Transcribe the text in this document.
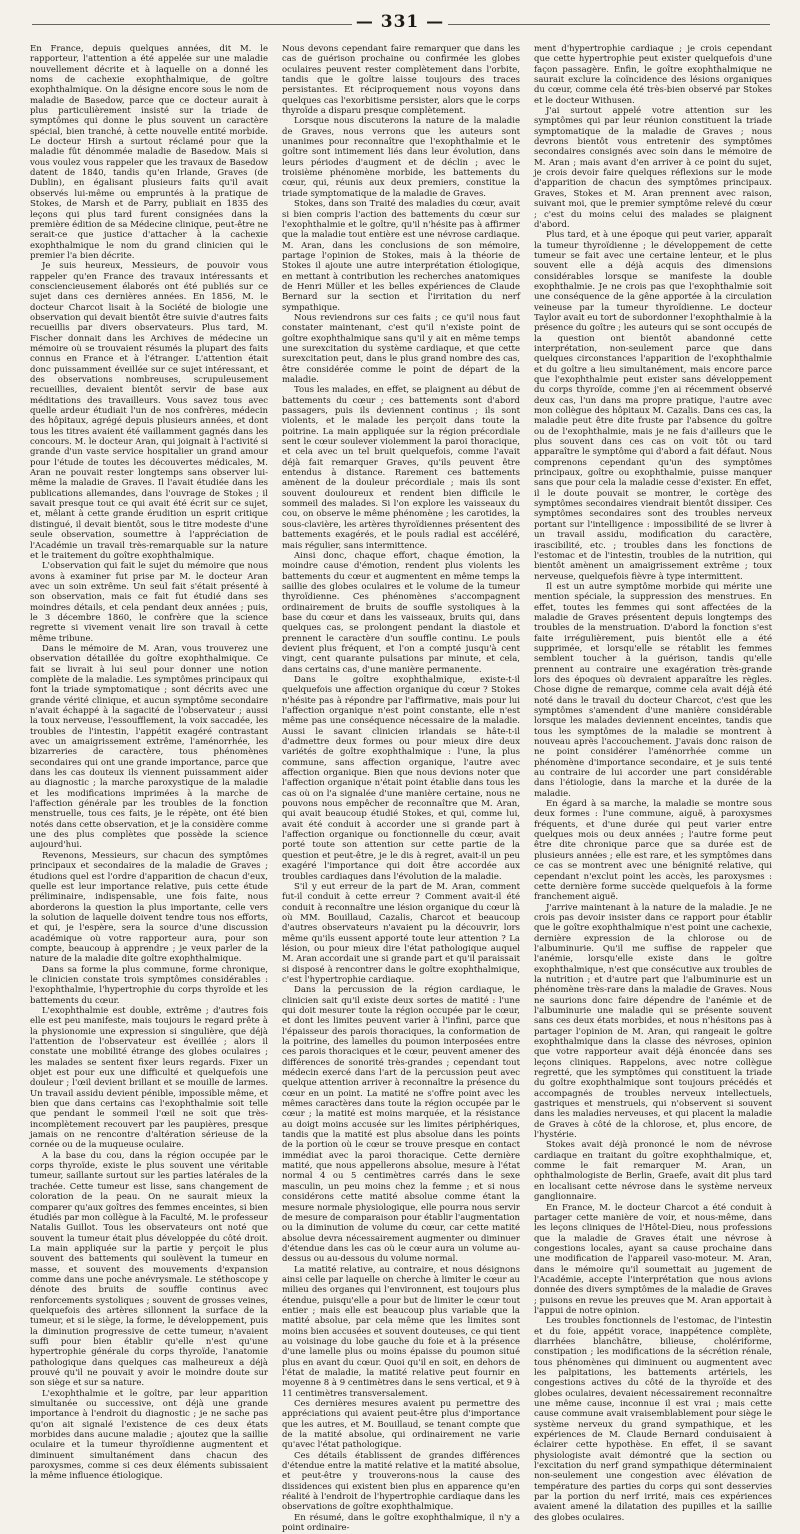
— 331 —

En France, depuis quelques années, dit M. le rapporteur, l'attention a été appelée sur une maladie nouvellement décrite et à laquelle on a donné les noms de cachexie exophthalmique, de goître exophthalmique. On la désigne encore sous le nom de maladie de Basedow, parce que ce docteur aurait à plus particulièrement insisté sur la triade de symptômes qui donne le plus souvent un caractère spécial, bien tranché, à cette nouvelle entité morbide. Le docteur Hirsh a surtout réclamé pour que la maladie fût dénommée maladie de Basedow. Mais si vous voulez vous rappeler que les travaux de Basedow datent de 1840, tandis qu'en Irlande, Graves (de Dublin), en égalisant plusieurs faits qu'il avait observés lui-même ou empruntés à la pratique de Stokes, de Marsh et de Parry, publiait en 1835 des leçons qui plus tard furent consignées dans la première édition de sa Médecine clinique, peut-être ne serait-ce que justice d'attacher à la cachexie exophthalmique le nom du grand clinicien qui le premier l'a bien décrite.

Je suis heureux, Messieurs, de pouvoir vous rappeler qu'en France des travaux intéressants et consciencieusement élaborés ont été publiés sur ce sujet dans ces dernières années. En 1856, M. le docteur Charcot lisait à la Société de biologie une observation qui devait bientôt être suivie d'autres faits recueillis par divers observateurs. Plus tard, M. Fischer donnait dans les Archives de médecine un mémoire où se trouvaient résumés la plupart des faits connus en France et à l'étranger. L'attention était donc puissamment éveillée sur ce sujet intéressant, et des observations nombreuses, scrupuleusement recueillies, devaient bientôt servir de base aux méditations des travailleurs. Vous savez tous avec quelle ardeur étudiait l'un de nos confrères, médecin des hôpitaux, agrégé depuis plusieurs années, et dont tous les titres avaient été vaillamment gagnés dans les concours. M. le docteur Aran, qui joignait à l'activité si grande d'un vaste service hospitalier un grand amour pour l'étude de toutes les découvertes médicales, M. Aran ne pouvait rester longtemps sans observer lui-même la maladie de Graves. Il l'avait étudiée dans les publications allemandes, dans l'ouvrage de Stokes ; il savait presque tout ce qui avait été écrit sur ce sujet, et, mêlant à cette grande érudition un esprit critique distingué, il devait bientôt, sous le titre modeste d'une seule observation, soumettre à l'appréciation de l'Académie un travail très-remarquable sur la nature et le traitement du goître exophthalmique.

L'observation qui fait le sujet du mémoire que nous avons à examiner fut prise par M. le docteur Aran avec un soin extrême. Un seul fait s'était présenté à son observation, mais ce fait fut étudié dans ses moindres détails, et cela pendant deux années ; puis, le 3 décembre 1860, le confrère que la science regrette si vivement venait lire son travail à cette même tribune.

Dans le mémoire de M. Aran, vous trouverez une observation détaillée du goître exophthalmique. Ce fait se livrait à lui seul pour donner une notion complète de la maladie. Les symptômes principaux qui font la triade symptomatique ; sont décrits avec une grande vérité clinique, et aucun symptôme secondaire n'avait échappé à la sagacité de l'observateur ; aussi la toux nerveuse, l'essoufflement, la voix saccadée, les troubles de l'intestin, l'appétit exagéré contrastant avec un amaigrissement extrême, l'aménorrhée, les bizarreries de caractère, tous phénomènes secondaires qui ont une grande importance, parce que dans les cas douteux ils viennent puissamment aider au diagnostic ; la marche paroxystique de la maladie et les modifications imprimées à la marche de l'affection générale par les troubles de la fonction menstruelle, tous ces faits, je le répète, ont été bien notés dans cette observation, et je la considère comme une des plus complètes que possède la science aujourd'hui.

Revenons, Messieurs, sur chacun des symptômes principaux et secondaires de la maladie de Graves ; étudions quel est l'ordre d'apparition de chacun d'eux, quelle est leur importance relative, puis cette étude préliminaire, indispensable, une fois faite, nous aborderons la question la plus importante, celle vers la solution de laquelle doivent tendre tous nos efforts, et qui, je l'espère, sera la source d'une discussion académique où votre rapporteur aura, pour son compte, beaucoup à apprendre ; je veux parler de la nature de la maladie dite goître exophthalmique.

Dans sa forme la plus commune, forme chronique, le clinicien constate trois symptômes considérables : l'exophthalmie, l'hypertrophie du corps thyroïde et les battements du cœur.

L'exophthalmie est double, extrême ; d'autres fois elle est peu manifeste, mais toujours le regard prête à la physionomie une expression si singulière, que déjà l'attention de l'observateur est éveillée ; alors il constate une mobilité étrange des globes oculaires ; les malades se sentent fixer leurs regards. Fixer un objet est pour eux une difficulté et quelquefois une douleur ; l'œil devient brillant et se mouille de larmes. Un travail assidu devient pénible, impossible même, et bien que dans certains cas l'exophthalmie soit telle que pendant le sommeil l'œil ne soit que très-incomplètement recouvert par les paupières, presque jamais on ne rencontre d'altération sérieuse de la cornée ou de la muqueuse oculaire.

A la base du cou, dans la région occupée par le corps thyroïde, existe le plus souvent une véritable tumeur, saillante surtout sur les parties latérales de la trachée. Cette tumeur est lisse, sans changement de coloration de la peau. On ne saurait mieux la comparer qu'aux goîtres des femmes enceintes, si bien étudiés par mon collègue à la Faculté, M. le professeur Natalis Guillot. Tous les observateurs ont noté que souvent la tumeur était plus développée du côté droit. La main appliquée sur la partie y perçoit le plus souvent des battements qui soulèvent la tumeur en masse, et souvent des mouvements d'expansion comme dans une poche anévrysmale. Le stéthoscope y dénote des bruits de souffle continus avec renforcements systoliques ; souvent de grosses veines, quelquefois des artères sillonnent la surface de la tumeur, et si le siège, la forme, le développement, puis la diminution progressive de cette tumeur, n'avaient suffi pour bien établir qu'elle n'est qu'une hypertrophie générale du corps thyroïde, l'anatomie pathologique dans quelques cas malheureux a déjà prouvé qu'il ne pouvait y avoir le moindre doute sur son siège et sur sa nature.

L'exophthalmie et le goître, par leur apparition simultanée ou successive, ont déjà une grande importance à l'endroit du diagnostic ; je ne sache pas qu'on ait signalé l'existence de ces deux états morbides dans aucune maladie ; ajoutez que la saillie oculaire et la tumeur thyroïdienne augmentent et diminuent simultanément dans chacun des paroxysmes, comme si ces deux éléments subissaient la même influence étiologique.

Nous devons cependant faire remarquer que dans les cas de guérison prochaine ou confirmée les globes oculaires peuvent rester complètement dans l'orbite, tandis que le goître laisse toujours des traces persistantes. Et réciproquement nous voyons dans quelques cas l'exorbitisme persister, alors que le corps thyroïde a disparu presque complètement.

Lorsque nous discuterons la nature de la maladie de Graves, nous verrons que les auteurs sont unanimes pour reconnaître que l'exophthalmie et le goître sont intimement liés dans leur évolution, dans leurs périodes d'augment et de déclin ; avec le troisième phénomène morbide, les battements du cœur, qui, réunis aux deux premiers, constitue la triade symptomatique de la maladie de Graves.

Stokes, dans son Traité des maladies du cœur, avait si bien compris l'action des battements du cœur sur l'exophthalmie et le goître, qu'il n'hésite pas à affirmer que la maladie tout entière est une névrose cardiaque. M. Aran, dans les conclusions de son mémoire, partage l'opinion de Stokes, mais à la théorie de Stokes il ajoute une autre interprétation étiologique, en mettant à contribution les recherches anatomiques de Henri Müller et les belles expériences de Claude Bernard sur la section et l'irritation du nerf sympathique.

Nous reviendrons sur ces faits ; ce qu'il nous faut constater maintenant, c'est qu'il n'existe point de goître exophthalmique sans qu'il y ait en même temps une surexcitation du système cardiaque, et que cette surexcitation peut, dans le plus grand nombre des cas, être considérée comme le point de départ de la maladie.

Tous les malades, en effet, se plaignent au début de battements du cœur ; ces battements sont d'abord passagers, puis ils deviennent continus ; ils sont violents, et le malade les perçoit dans toute la poitrine. La main appliquée sur la région précordiale sent le cœur soulever violemment la paroi thoracique, et cela avec un tel bruit quelquefois, comme l'avait déjà fait remarquer Graves, qu'ils peuvent être entendus à distance. Rarement ces battements amènent de la douleur précordiale ; mais ils sont souvent douloureux et rendent bien difficile le sommeil des malades. Si l'on explore les vaisseaux du cou, on observe le même phénomène ; les carotides, la sous-clavière, les artères thyroïdiennes présentent des battements exagérés, et le pouls radial est accéléré, mais régulier, sans intermittence.

Ainsi donc, chaque effort, chaque émotion, la moindre cause d'émotion, rendent plus violents les battements du cœur et augmentent en même temps la saillie des globes oculaires et le volume de la tumeur thyroïdienne. Ces phénomènes s'accompagnent ordinairement de bruits de souffle systoliques à la base du cœur et dans les vaisseaux, bruits qui, dans quelques cas, se prolongent pendant la diastole et prennent le caractère d'un souffle continu. Le pouls devient plus fréquent, et l'on a compté jusqu'à cent vingt, cent quarante pulsations par minute, et cela, dans certains cas, d'une manière permanente.

Dans le goître exophthalmique, existe-t-il quelquefois une affection organique du cœur ? Stokes n'hésite pas à répondre par l'affirmative, mais pour lui l'affection organique n'est point constante, elle n'est même pas une conséquence nécessaire de la maladie. Aussi le savant clinicien irlandais se hâte-t-il d'admettre deux formes ou pour mieux dire deux variétés de goître exophthalmique : l'une, la plus commune, sans affection organique, l'autre avec affection organique. Bien que nous devions noter que l'affection organique n'était point établie dans tous les cas où on l'a signalée d'une manière certaine, nous ne pouvons nous empêcher de reconnaître que M. Aran, qui avait beaucoup étudié Stokes, et qui, comme lui, avait été conduit à accorder une si grande part à l'affection organique ou fonctionnelle du cœur, avait porté toute son attention sur cette partie de la question et peut-être, je le dis à regret, avait-il un peu exagéré l'importance qui doit être accordée aux troubles cardiaques dans l'évolution de la maladie.

S'il y eut erreur de la part de M. Aran, comment fut-il conduit à cette erreur ? Comment avait-il été conduit à reconnaître une lésion organique du cœur là où MM. Bouillaud, Cazalis, Charcot et beaucoup d'autres observateurs n'avaient pu la découvrir, lors même qu'ils eussent apporté toute leur attention ? La lésion, ou pour mieux dire l'état pathologique auquel M. Aran accordait une si grande part et qu'il paraissait si disposé à rencontrer dans le goître exophthalmique, c'est l'hypertrophie cardiaque.

Dans la percussion de la région cardiaque, le clinicien sait qu'il existe deux sortes de matité : l'une qui doit mesurer toute la région occupée par le cœur, et dont les limites peuvent varier à l'infini, parce que l'épaisseur des parois thoraciques, la conformation de la poitrine, des lamelles du poumon interposées entre ces parois thoraciques et le cœur, peuvent amener des différences de sonorité très-grandes ; cependant tout médecin exercé dans l'art de la percussion peut avec quelque attention arriver à reconnaître la présence du cœur en un point. La matité ne s'offre point avec les mêmes caractères dans toute la région occupée par le cœur ; la matité est moins marquée, et la résistance au doigt moins accusée sur les limites périphériques, tandis que la matité est plus absolue dans les points de la portion où le cœur se trouve presque en contact immédiat avec la paroi thoracique. Cette dernière matité, que nous appellerons absolue, mesure à l'état normal 4 ou 5 centimètres carrés dans le sexe masculin, un peu moins chez la femme ; et si nous considérons cette matité absolue comme étant la mesure normale physiologique, elle pourra nous servir de mesure de comparaison pour établir l'augmentation ou la diminution de volume du cœur, car cette matité absolue devra nécessairement augmenter ou diminuer d'étendue dans les cas où le cœur aura un volume au-dessus ou au-dessous du volume normal.

La matité relative, au contraire, et nous désignons ainsi celle par laquelle on cherche à limiter le cœur au milieu des organes qui l'environnent, est toujours plus étendue, puisqu'elle a pour but de limiter le cœur tout entier ; mais elle est beaucoup plus variable que la matité absolue, par cela même que les limites sont moins bien accusées et souvent douteuses, ce qui tient au voisinage du lobe gauche du foie et à la présence d'une lamelle plus ou moins épaisse du poumon situé plus en avant du cœur. Quoi qu'il en soit, en dehors de l'état de maladie, la matité relative peut fournir en moyenne 8 à 9 centimètres dans le sens vertical, et 9 à 11 centimètres transversalement.

Ces dernières mesures avaient pu permettre des appréciations qui avaient peut-être plus d'importance que les autres, et M. Bouillaud, se tenant compte que de la matité absolue, qui ordinairement ne varie qu'avec l'état pathologique.

Ces détails établissent de grandes différences d'étendue entre la matité relative et la matité absolue, et peut-être y trouverons-nous la cause des dissidences qui existent bien plus en apparence qu'en réalité à l'endroit de l'hypertrophie cardiaque dans les observations de goître exophthalmique.

En résumé, dans le goître exophthalmique, il n'y a point ordinaire-

ment d'hypertrophie cardiaque ; je crois cependant que cette hypertrophie peut exister quelquefois d'une façon passagère. Enfin, le goître exophthalmique ne saurait exclure la coïncidence des lésions organiques du cœur, comme cela été très-bien observé par Stokes et le docteur Withusen.

J'ai surtout appelé votre attention sur les symptômes qui par leur réunion constituent la triade symptomatique de la maladie de Graves ; nous devrons bientôt vous entretenir des symptômes secondaires consignés avec soin dans le mémoire de M. Aran ; mais avant d'en arriver à ce point du sujet, je crois devoir faire quelques réflexions sur le mode d'apparition de chacun des symptômes principaux. Graves, Stokes et M. Aran prennent avec raison, suivant moi, que le premier symptôme relevé du cœur ; c'est du moins celui des malades se plaignent d'abord.

Plus tard, et à une époque qui peut varier, apparaît la tumeur thyroïdienne ; le développement de cette tumeur se fait avec une certaine lenteur, et le plus souvent elle a déjà acquis des dimensions considérables lorsque se manifeste la double exophthalmie. Je ne crois pas que l'exophthalmie soit une conséquence de la gêne apportée à la circulation veineuse par la tumeur thyroïdienne. Le docteur Taylor avait eu tort de subordonner l'exophthalmie à la présence du goître ; les auteurs qui se sont occupés de la question ont bientôt abandonné cette interprétation, non-seulement parce que dans quelques circonstances l'apparition de l'exophthalmie et du goître a lieu simultanément, mais encore parce que l'exophthalmie peut exister sans développement du corps thyroïde, comme j'en ai récemment observé deux cas, l'un dans ma propre pratique, l'autre avec mon collègue des hôpitaux M. Cazalis. Dans ces cas, la maladie peut être dite fruste par l'absence du goître ou de l'exophthalmie, mais je ne fais d'ailleurs que le plus souvent dans ces cas on voit tôt ou tard apparaître le symptôme qui d'abord a fait défaut. Nous comprenons cependant qu'un des symptômes principaux, goître ou exophthalmie, puisse manquer sans que pour cela la maladie cesse d'exister. En effet, il le doute pouvait se montrer, le cortège des symptômes secondaires viendrait bientôt dissiper. Ces symptômes secondaires sont des troubles nerveux portant sur l'intelligence : impossibilité de se livrer à un travail assidu, modification du caractère, irascibilité, etc. ; troubles dans les fonctions de l'estomac et de l'intestin, troubles de la nutrition, qui bientôt amènent un amaigrissement extrême ; toux nerveuse, quelquefois fièvre à type intermittent.

Il est un autre symptôme morbide qui mérite une mention spéciale, la suppression des menstrues. En effet, toutes les femmes qui sont affectées de la maladie de Graves présentent depuis longtemps des troubles de la menstruation. D'abord la fonction s'est faite irrégulièrement, puis bientôt elle a été supprimée, et lorsqu'elle se rétablit les femmes semblent toucher à la guérison, tandis qu'elle prennent au contraire une exagération très-grande lors des époques où devraient apparaître les règles. Chose digne de remarque, comme cela avait déjà été noté dans le travail du docteur Charcot, c'est que les symptômes s'amendent d'une manière considérable lorsque les malades deviennent enceintes, tandis que tous les symptômes de la maladie se montrent à nouveau après l'accouchement. J'avais donc raison de ne point considérer l'aménorrhée comme un phénomène d'importance secondaire, et je suis tenté au contraire de lui accorder une part considérable dans l'étiologie, dans la marche et la durée de la maladie.

En égard à sa marche, la maladie se montre sous deux formes : l'une commune, aiguë, à paroxysmes fréquents, et d'une durée qui peut varier entre quelques mois ou deux années ; l'autre forme peut être dite chronique parce que sa durée est de plusieurs années ; elle est rare, et les symptômes dans ce cas se montrent avec une bénignité relative, qui cependant n'exclut point les accès, les paroxysmes : cette dernière forme succède quelquefois à la forme franchement aiguë.

J'arrive maintenant à la nature de la maladie. Je ne crois pas devoir insister dans ce rapport pour établir que le goître exophthalmique n'est point une cachexie, dernière expression de la chlorose ou de l'albuminurie. Qu'il me suffise de rappeler que l'anémie, lorsqu'elle existe dans le goître exophthalmique, n'est que consécutive aux troubles de la nutrition ; et d'autre part que l'albuminurie est un phénomène très-rare dans la maladie de Graves. Nous ne saurions donc faire dépendre de l'anémie et de l'albuminurie une maladie qui se présente souvent sans ces deux états morbides, et nous n'hésitons pas à partager l'opinion de M. Aran, qui rangeait le goître exophthalmique dans la classe des névroses, opinion que votre rapporteur avait déjà énoncée dans ses leçons cliniques. Rappelons, avec notre collègue regretté, que les symptômes qui constituent la triade du goître exophthalmique sont toujours précédés et accompagnés de troubles nerveux intellectuels, gastriques et menstruels, qui n'observent si souvent dans les maladies nerveuses, et qui placent la maladie de Graves à côté de la chlorose, et, plus encore, de l'hystérie.

Stokes avait déjà prononcé le nom de névrose cardiaque en traitant du goître exophthalmique, et, comme le fait remarquer M. Aran, un ophthalmologiste de Berlin, Graefe, avait dit plus tard en localisant cette névrose dans le système nerveux ganglionnaire.

En France, M. le docteur Charcot a été conduit à partager cette manière de voir, et nous-même, dans les leçons cliniques de l'Hôtel-Dieu, nous professions que la maladie de Graves était une névrose à congestions locales, ayant sa cause prochaine dans une modification de l'appareil vaso-moteur. M. Aran, dans le mémoire qu'il soumettait au jugement de l'Académie, accepte l'interprétation que nous avions donnée des divers symptômes de la maladie de Graves ; puisons en revue les preuves que M. Aran apportait à l'appui de notre opinion.

Les troubles fonctionnels de l'estomac, de l'intestin et du foie, appétit vorace, inappétence complète, diarrhées blanchâtre, bilieuse, cholériforme, constipation ; les modifications de la sécrétion rénale, tous phénomènes qui diminuent ou augmentent avec les palpitations, les battements artériels, les congestions actives du côté de la thyroïde et des globes oculaires, devaient nécessairement reconnaître une même cause, inconnue il est vrai ; mais cette cause commune avait vraisemblablement pour siège le système nerveux du grand sympathique, et les expériences de M. Claude Bernard conduisaient à éclairer cette hypothèse. En effet, il se savant physiologiste avait démontré que la section ou l'excitation du nerf grand sympathique déterminaient non-seulement une congestion avec élévation de température des parties du corps qui sont desservies par la portion du nerf irrité, mais ces expériences avaient amené la dilatation des pupilles et la saillie des globes oculaires.
